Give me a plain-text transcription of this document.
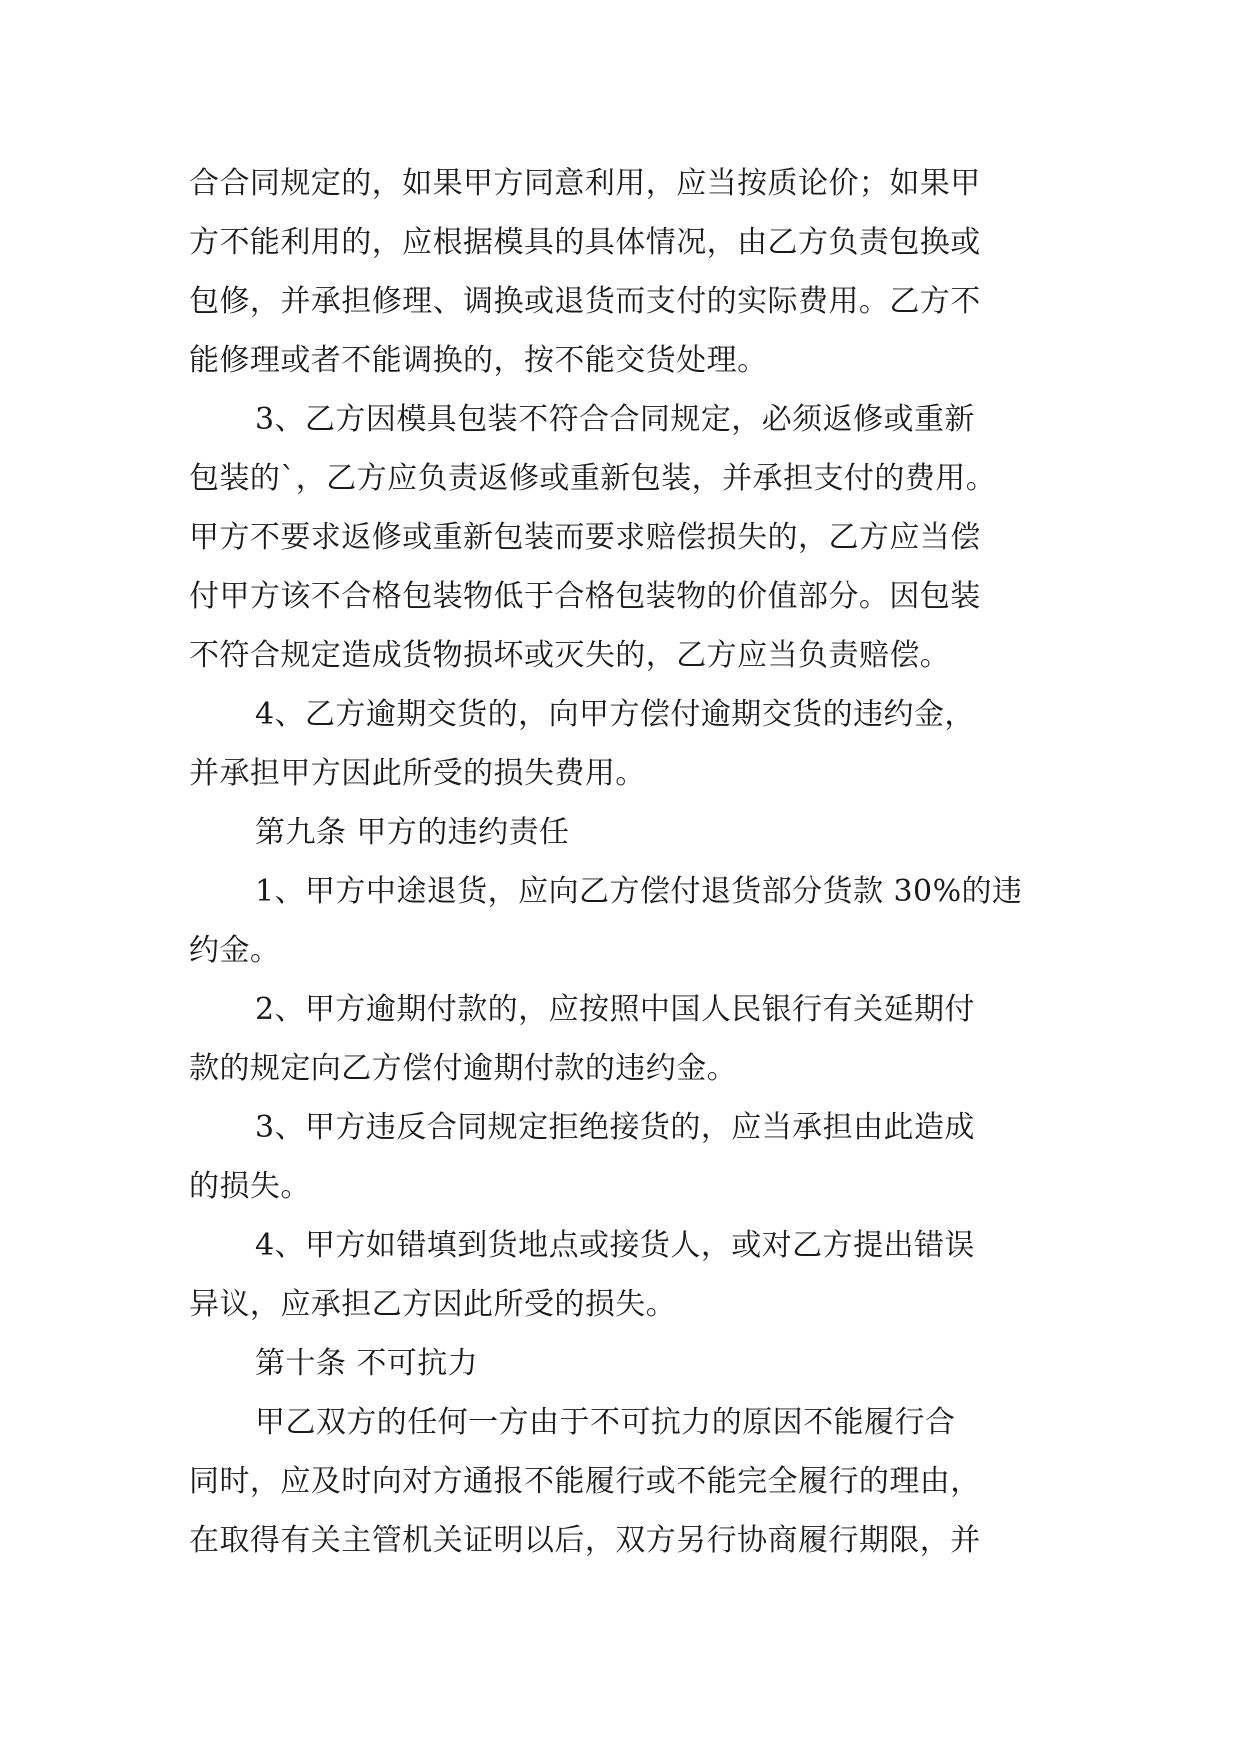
合合同规定的，如果甲方同意利用，应当按质论价；如果甲
方不能利用的，应根据模具的具体情况，由乙方负责包换或
包修，并承担修理、调换或退货而支付的实际费用。乙方不
能修理或者不能调换的，按不能交货处理。
3、乙方因模具包装不符合合同规定，必须返修或重新
包装的`，乙方应负责返修或重新包装，并承担支付的费用。
甲方不要求返修或重新包装而要求赔偿损失的，乙方应当偿
付甲方该不合格包装物低于合格包装物的价值部分。因包装
不符合规定造成货物损坏或灭失的，乙方应当负责赔偿。
4、乙方逾期交货的，向甲方偿付逾期交货的违约金，
并承担甲方因此所受的损失费用。
第九条 甲方的违约责任
1、甲方中途退货，应向乙方偿付退货部分货款 30%的违
约金。
2、甲方逾期付款的，应按照中国人民银行有关延期付
款的规定向乙方偿付逾期付款的违约金。
3、甲方违反合同规定拒绝接货的，应当承担由此造成
的损失。
4、甲方如错填到货地点或接货人，或对乙方提出错误
异议，应承担乙方因此所受的损失。
第十条 不可抗力
甲乙双方的任何一方由于不可抗力的原因不能履行合
同时，应及时向对方通报不能履行或不能完全履行的理由，
在取得有关主管机关证明以后，双方另行协商履行期限，并
